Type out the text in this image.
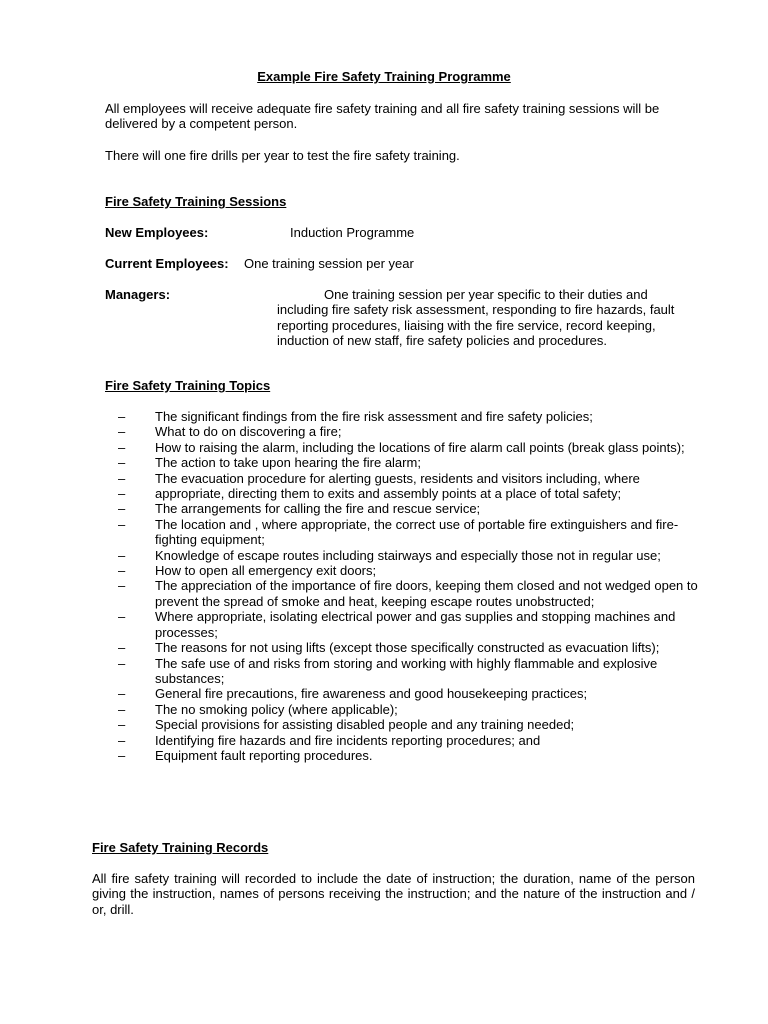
Example Fire Safety Training Programme
All employees will receive adequate fire safety training and all fire safety training sessions will be delivered by a competent person.
There will one fire drills per year to test the fire safety training.
Fire Safety Training Sessions
New Employees:	Induction Programme
Current Employees: One training session per year
Managers:	One training session per year specific to their duties and including fire safety risk assessment, responding to fire hazards, fault reporting procedures, liaising with the fire service, record keeping, induction of new staff, fire safety policies and procedures.
Fire Safety Training Topics
– The significant findings from the fire risk assessment and fire safety policies;
– What to do on discovering a fire;
– How to raising the alarm, including the locations of fire alarm call points (break glass points);
– The action to take upon hearing the fire alarm;
– The evacuation procedure for alerting guests, residents and visitors including, where
– appropriate, directing them to exits and assembly points at a place of total safety;
– The arrangements for calling the fire and rescue service;
– The location and , where appropriate, the correct use of portable fire extinguishers and fire-fighting equipment;
– Knowledge of escape routes including stairways and especially those not in regular use;
– How to open all emergency exit doors;
– The appreciation of the importance of fire doors, keeping them closed and not wedged open to prevent the spread of smoke and heat, keeping escape routes unobstructed;
– Where appropriate, isolating electrical power and gas supplies and stopping machines and processes;
– The reasons for not using lifts (except those specifically constructed as evacuation lifts);
– The safe use of and risks from storing and working with highly flammable and explosive substances;
– General fire precautions, fire awareness and good housekeeping practices;
– The no smoking policy (where applicable);
– Special provisions for assisting disabled people and any training needed;
– Identifying fire hazards and fire incidents reporting procedures; and
– Equipment fault reporting procedures.
Fire Safety Training Records
All fire safety training will recorded to include the date of instruction; the duration, name of the person giving the instruction, names of persons receiving the instruction; and the nature of the instruction and / or, drill.
